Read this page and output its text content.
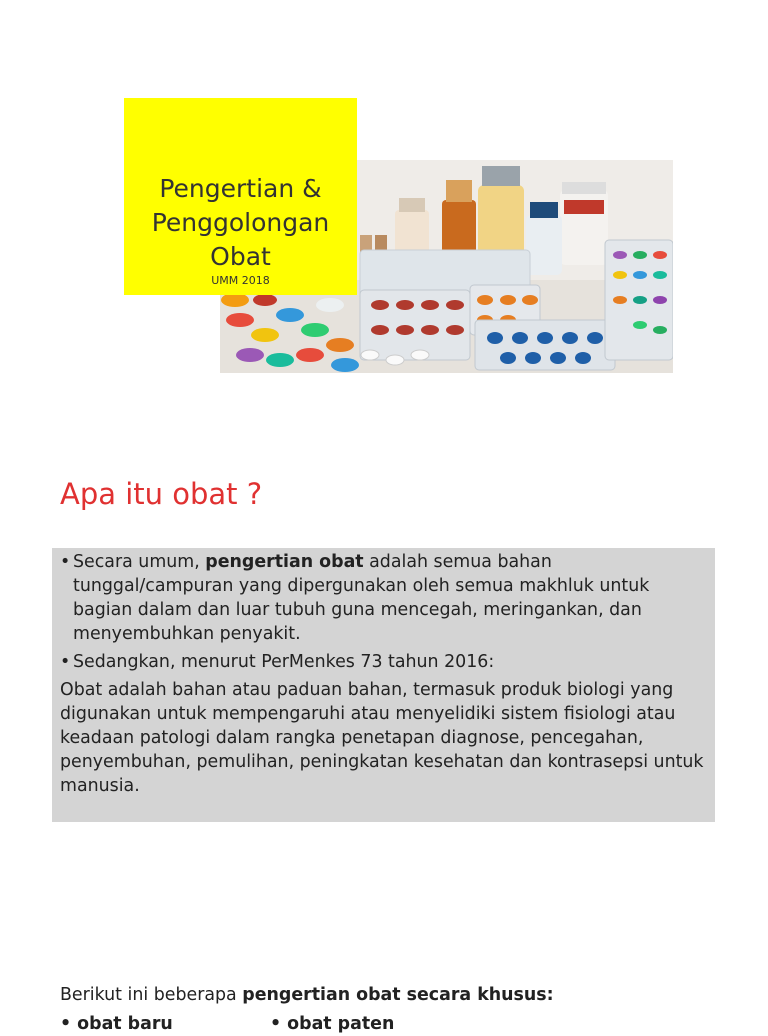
Pengertian &
Penggolongan
Obat
UMM 2018
Apa itu obat ?

• Secara umum, pengertian obat adalah semua bahan tunggal/campuran yang dipergunakan oleh semua makhluk untuk bagian dalam dan luar tubuh guna mencegah, meringankan, dan menyembuhkan penyakit.

• Sedangkan, menurut PerMenkes 73 tahun 2016:

Obat adalah bahan atau paduan bahan, termasuk produk biologi yang digunakan untuk mempengaruhi atau menyelidiki sistem fisiologi atau keadaan patologi dalam rangka penetapan diagnose, pencegahan, penyembuhan, pemulihan, peningkatan kesehatan dan kontrasepsi untuk manusia.

Berikut ini beberapa pengertian obat secara khusus:

• obat baru	• obat paten
